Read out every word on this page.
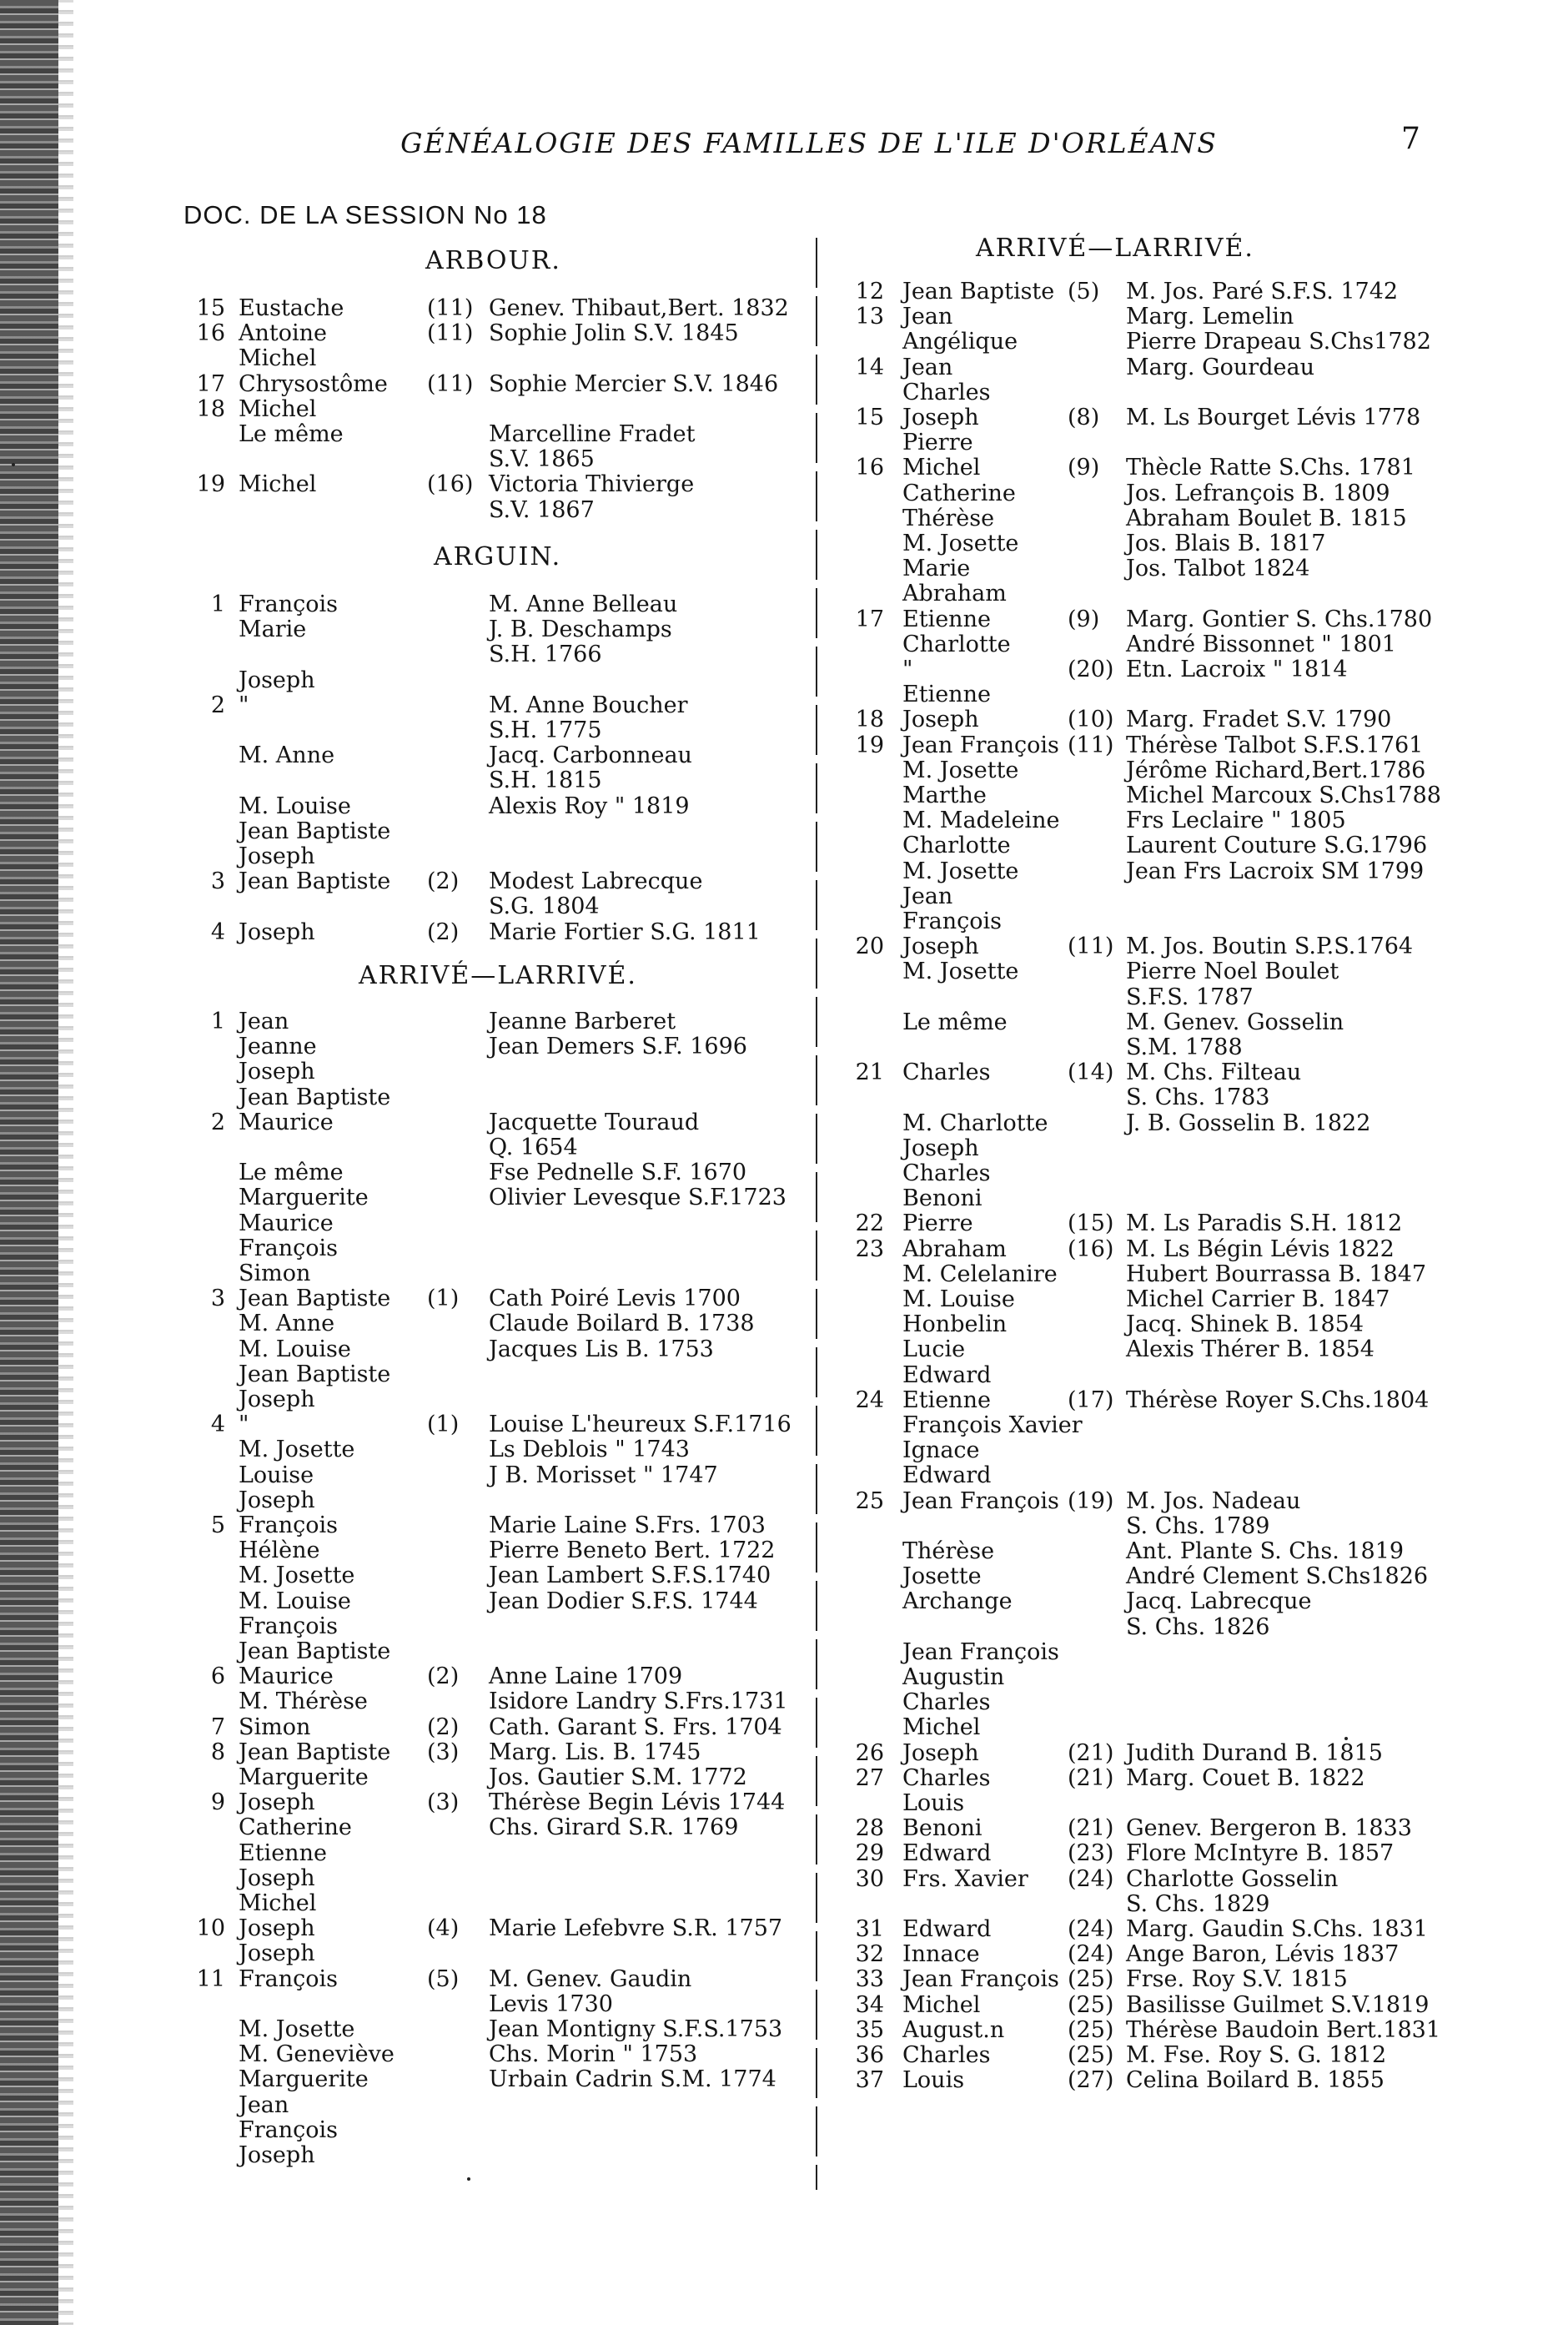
GÉNÉALOGIE DES FAMILLES DE L'ILE D'ORLÉANS	7
DOC. DE LA SESSION No 18
ARBOUR.
15 Eustache	(11) Genev. Thibaut,Bert. 1832
16 Antoine	(11) Sophie Jolin S.V. 1845
Michel
17 Chrysostôme (11) Sophie Mercier S.V. 1846
18 Michel
Le même	Marcelline Fradet
S.V. 1865
19 Michel	(16) Victoria Thivierge
S.V. 1867
ARGUIN.
1 François	M. Anne Belleau
Marie	J. B. Deschamps
S.H. 1766
Joseph
2 "	M. Anne Boucher
S.H. 1775
M. Anne	Jacq. Carbonneau
S.H. 1815
M. Louise	Alexis Roy " 1819
Jean Baptiste
Joseph
3 Jean Baptiste (2) Modest Labrecque
S.G. 1804
4 Joseph	(2) Marie Fortier S.G. 1811
ARRIVÉ—LARRIVÉ.
1 Jean	Jeanne Barberet
Jeanne	Jean Demers S.F. 1696
Joseph
Jean Baptiste
2 Maurice	Jacquette Touraud
Q. 1654
Le même	Fse Pednelle S.F. 1670
Marguerite	Olivier Levesque S.F.1723
Maurice
François
Simon
3 Jean Baptiste (1) Cath Poiré Levis 1700
M. Anne	Claude Boilard B. 1738
M. Louise	Jacques Lis B. 1753
Jean Baptiste
Joseph
4 "	(1) Louise L'heureux S.F.1716
M. Josette	Ls Deblois " 1743
Louise	J B. Morisset " 1747
Joseph
5 François	Marie Laine S.Frs. 1703
Hélène	Pierre Beneto Bert. 1722
M. Josette	Jean Lambert S.F.S.1740
M. Louise	Jean Dodier S.F.S. 1744
François
Jean Baptiste
6 Maurice	(2) Anne Laine 1709
M. Thérèse	Isidore Landry S.Frs.1731
7 Simon	(2) Cath. Garant S. Frs. 1704
8 Jean Baptiste (3) Marg. Lis. B. 1745
Marguerite	Jos. Gautier S.M. 1772
9 Joseph	(3) Thérèse Begin Lévis 1744
Catherine	Chs. Girard S.R. 1769
Etienne
Joseph
Michel
10 Joseph	(4) Marie Lefebvre S.R. 1757
Joseph
11 François	(5) M. Genev. Gaudin
Levis 1730
M. Josette	Jean Montigny S.F.S.1753
M. Geneviève	Chs. Morin " 1753
Marguerite	Urbain Cadrin S.M. 1774
Jean
François
Joseph
ARRIVÉ—LARRIVÉ.
12 Jean Baptiste (5) M. Jos. Paré S.F.S. 1742
13 Jean	Marg. Lemelin
Angélique	Pierre Drapeau S.Chs1782
14 Jean	Marg. Gourdeau
Charles
15 Joseph	(8) M. Ls Bourget Lévis 1778
Pierre
16 Michel	(9) Thècle Ratte S.Chs. 1781
Catherine	Jos. Lefrançois B. 1809
Thérèse	Abraham Boulet B. 1815
M. Josette	Jos. Blais B. 1817
Marie	Jos. Talbot 1824
Abraham
17 Etienne	(9) Marg. Gontier S. Chs.1780
Charlotte	André Bissonnet " 1801
"	(20) Etn. Lacroix " 1814
Etienne
18 Joseph	(10) Marg. Fradet S.V. 1790
19 Jean François (11) Thérèse Talbot S.F.S.1761
M. Josette	Jérôme Richard,Bert.1786
Marthe	Michel Marcoux S.Chs1788
M. Madeleine	Frs Leclaire " 1805
Charlotte	Laurent Couture S.G.1796
M. Josette	Jean Frs Lacroix SM 1799
Jean
François
20 Joseph	(11) M. Jos. Boutin S.P.S.1764
M. Josette	Pierre Noel Boulet
S.F.S. 1787
Le même	M. Genev. Gosselin
S.M. 1788
21 Charles	(14) M. Chs. Filteau
S. Chs. 1783
M. Charlotte	J. B. Gosselin B. 1822
Joseph
Charles
Benoni
22 Pierre	(15) M. Ls Paradis S.H. 1812
23 Abraham	(16) M. Ls Bégin Lévis 1822
M. Celelanire	Hubert Bourrassa B. 1847
M. Louise	Michel Carrier B. 1847
Honbelin	Jacq. Shinek B. 1854
Lucie	Alexis Thérer B. 1854
Edward
24 Etienne	(17) Thérèse Royer S.Chs.1804
François Xavier
Ignace
Edward
25 Jean François (19) M. Jos. Nadeau
S. Chs. 1789
Thérèse	Ant. Plante S. Chs. 1819
Josette	André Clement S.Chs1826
Archange	Jacq. Labrecque
S. Chs. 1826
Jean François
Augustin
Charles
Michel
26 Joseph	(21) Judith Durand B. 1815
27 Charles	(21) Marg. Couet B. 1822
Louis
28 Benoni	(21) Genev. Bergeron B. 1833
29 Edward	(23) Flore McIntyre B. 1857
30 Frs. Xavier (24) Charlotte Gosselin
S. Chs. 1829
31 Edward	(24) Marg. Gaudin S.Chs. 1831
32 Innace	(24) Ange Baron, Lévis 1837
33 Jean François (25) Frse. Roy S.V. 1815
34 Michel	(25) Basilisse Guilmet S.V.1819
35 August.n	(25) Thérèse Baudoin Bert.1831
36 Charles	(25) M. Fse. Roy S. G. 1812
37 Louis	(27) Celina Boilard B. 1855
